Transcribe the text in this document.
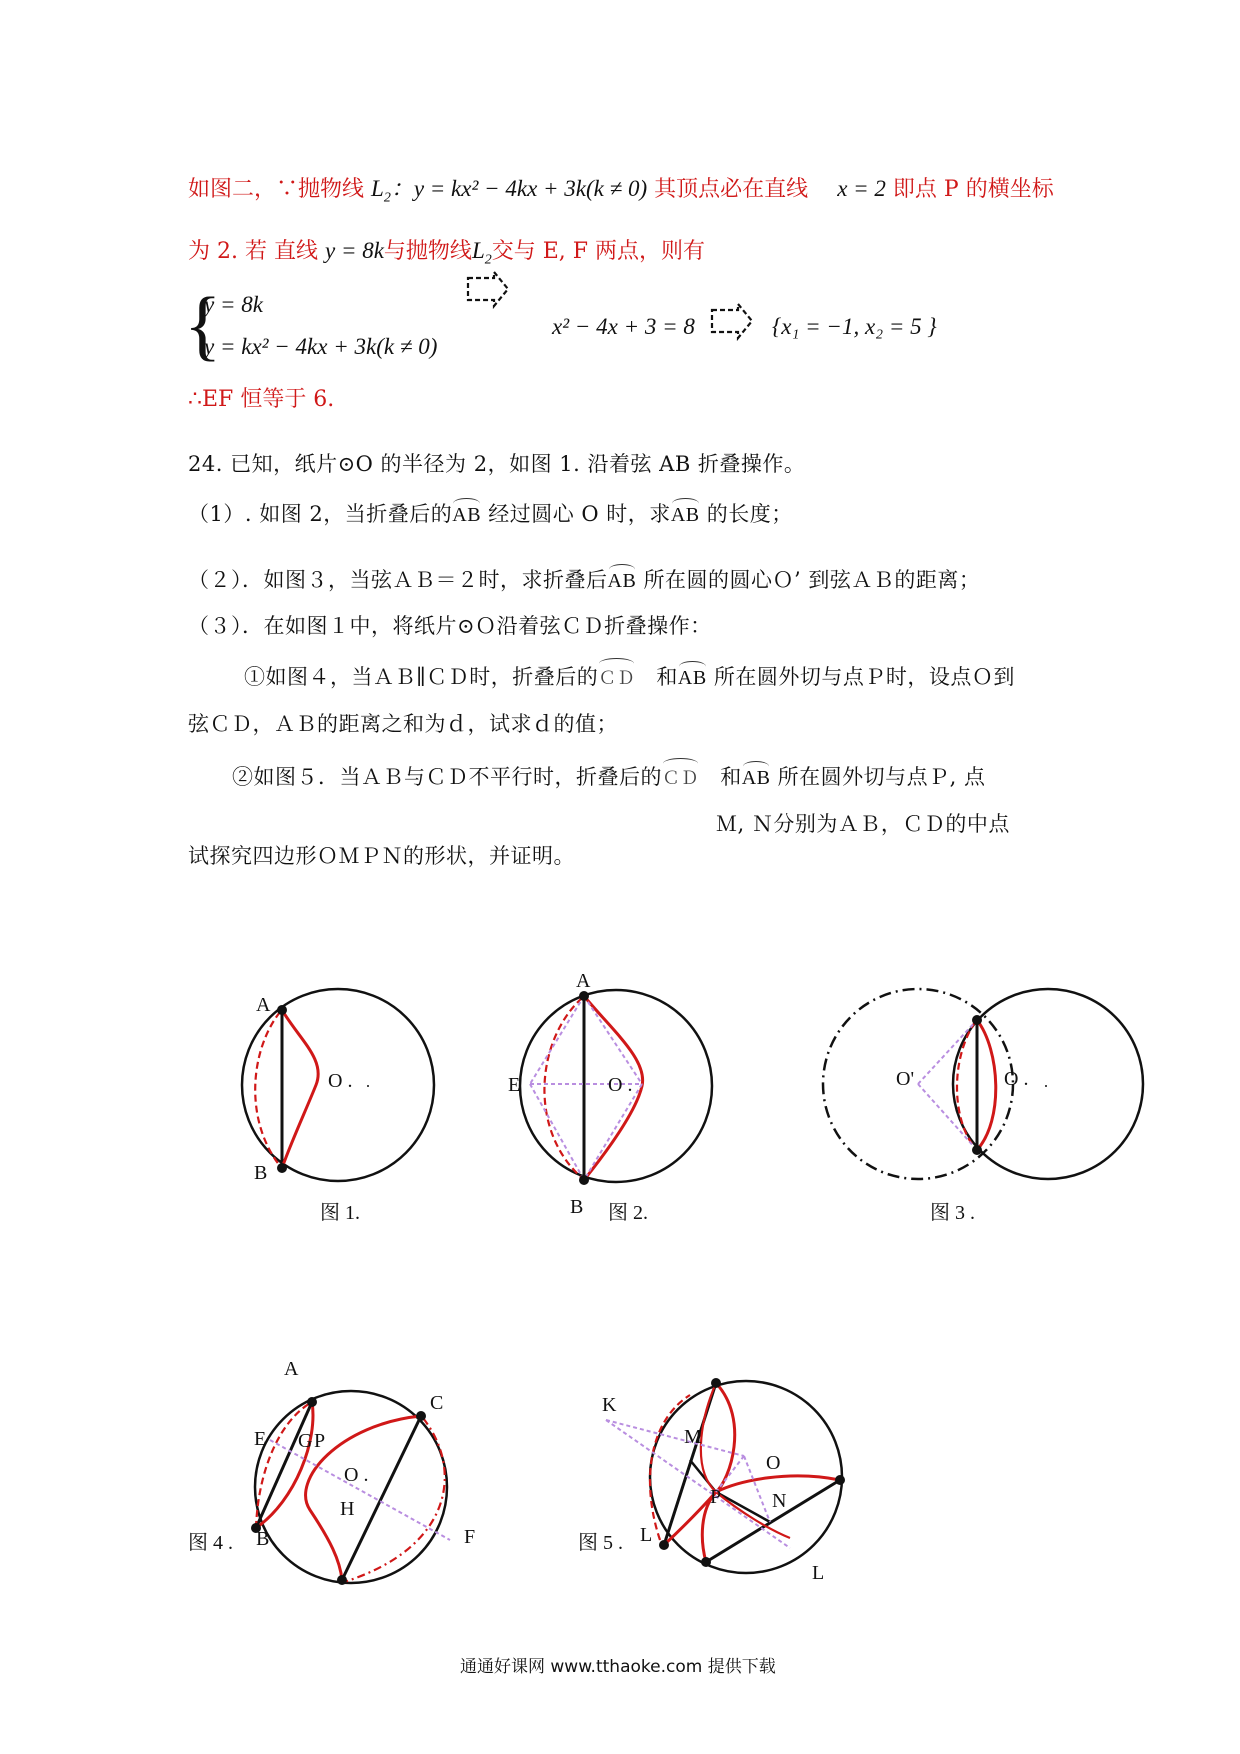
如图二，∵抛物线 $L_2$：y = kx² − 4kx + 3k(k ≠ 0) 其顶点必在直线 x = 2 即点 P 的横坐标
为 2. 若 直线 y = 8k与抛物线$L_2$交与 E, F 两点，则有
{
y = 8k
y = kx² − 4kx + 3k(k ≠ 0)
x² − 4x + 3 = 8	{x₁ = −1, x₂ = 5 }
∴EF 恒等于 6.
24. 已知，纸片⊙O 的半径为 2，如图 1. 沿着弦 AB 折叠操作。
（1）. 如图 2，当折叠后的AB 经过圆心 O 时，求AB 的长度；
（２）．如图３，当弦ＡＢ＝２时，求折叠后AB 所在圆的圆心Ｏ’ 到弦ＡＢ的距离；
（３）．在如图１中，将纸片⊙Ｏ沿着弦ＣＤ折叠操作：
①如图４，当ＡＢ∥ＣＤ时，折叠后的ＣＤ 和AB 所在圆外切与点Ｐ时，设点Ｏ到
弦ＣＤ，ＡＢ的距离之和为ｄ，试求ｄ的值；
②如图５．当ＡＢ与ＣＤ不平行时，折叠后的ＣＤ 和AB 所在圆外切与点Ｐ, 点
Ｍ, Ｎ分别为ＡＢ，ＣＤ的中点
试探究四边形ＯＭＰＮ的形状，并证明。
A
B
O .
图 1.
A
B
E	O .
图 2.
O'	O .
图 3 .
A
C
E G P
O .
H
F
B
图 4 .
K
M
O
P	N
L
L
图 5 .
通通好课网 www.tthaoke.com 提供下载
